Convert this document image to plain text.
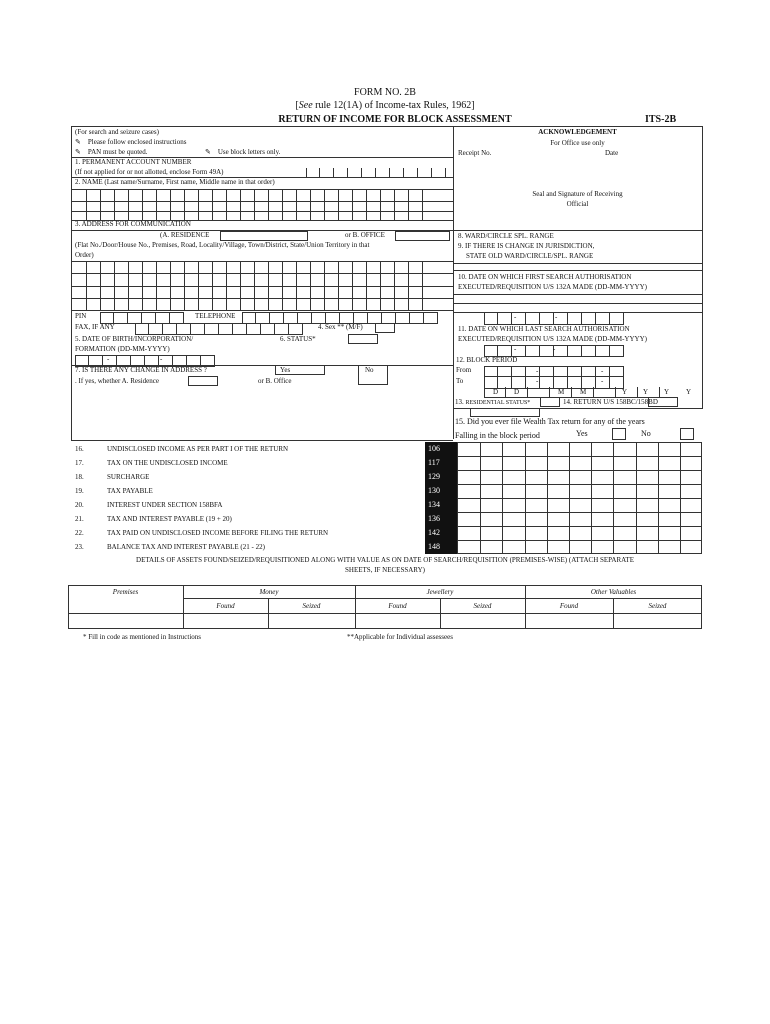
FORM NO. 2B
[See rule 12(1A) of Income-tax Rules, 1962]
RETURN OF INCOME FOR BLOCK ASSESSMENT	ITS-2B
(For search and seizure cases)
✎ Please follow enclosed instructions
✎ PAN must be quoted.	✎ Use block letters only.
1. PERMANENT ACCOUNT NUMBER
(If not applied for or not allotted, enclose Form 49A)
2. NAME (Last name/Surname, First name, Middle name in that order)
3. ADDRESS FOR COMMUNICATION
(A. RESIDENCE	or B. OFFICE
(Flat No./Door/House No., Premises, Road, Locality/Village, Town/District, State/Union Territory in that
Order)
PIN	TELEPHONE
FAX, IF ANY	4. Sex ** (M/F)
5. DATE OF BIRTH/INCORPORATION/
FORMATION (DD-MM-YYYY)
6. STATUS*
-	-
7. IS THERE ANY CHANGE IN ADDRESS ?	Yes	No
. If yes, whether A. Residence	or B. Office
ACKNOWLEDGEMENT
For Office use only
Receipt No.	Date
Seal and Signature of Receiving
Official
8. WARD/CIRCLE SPL. RANGE
9. IF THERE IS CHANGE IN JURISDICTION,
STATE OLD WARD/CIRCLE/SPL. RANGE
10. DATE ON WHICH FIRST SEARCH AUTHORISATION
EXECUTED/REQUISITION U/S 132A MADE (DD-MM-YYYY)
-	-
11. DATE ON WHICH LAST SEARCH AUTHORISATION
EXECUTED/REQUISITION U/S 132A MADE (DD-MM-YYYY)
-	-
12. BLOCK PERIOD
From
To
-	-
-	-
D D	M M	Y Y Y Y
13. RESIDENTIAL STATUS*	14. RETURN U/S 158BC/158BD
15. Did you ever file Wealth Tax return for any of the years
Falling in the block period	Yes	No
16.	UNDISCLOSED INCOME AS PER PART I OF THE RETURN	106
17.	TAX ON THE UNDISCLOSED INCOME	117
18.	SURCHARGE	129
19.	TAX PAYABLE	130
20.	INTEREST UNDER SECTION 158BFA	134
21.	TAX AND INTEREST PAYABLE (19 + 20)	136
22.	TAX PAID ON UNDISCLOSED INCOME BEFORE FILING THE RETURN	142
23.	BALANCE TAX AND INTEREST PAYABLE (21 - 22)	148
DETAILS OF ASSETS FOUND/SEIZED/REQUISITIONED ALONG WITH VALUE AS ON DATE OF SEARCH/REQUISITION (PREMISES-WISE) (ATTACH SEPARATE
SHEETS, IF NECESSARY)
Premises	Money	Jewellery	Other Valuables
Found	Seized	Found	Seized	Found	Seized
* Fill in code as mentioned in Instructions	**Applicable for Individual assessees
